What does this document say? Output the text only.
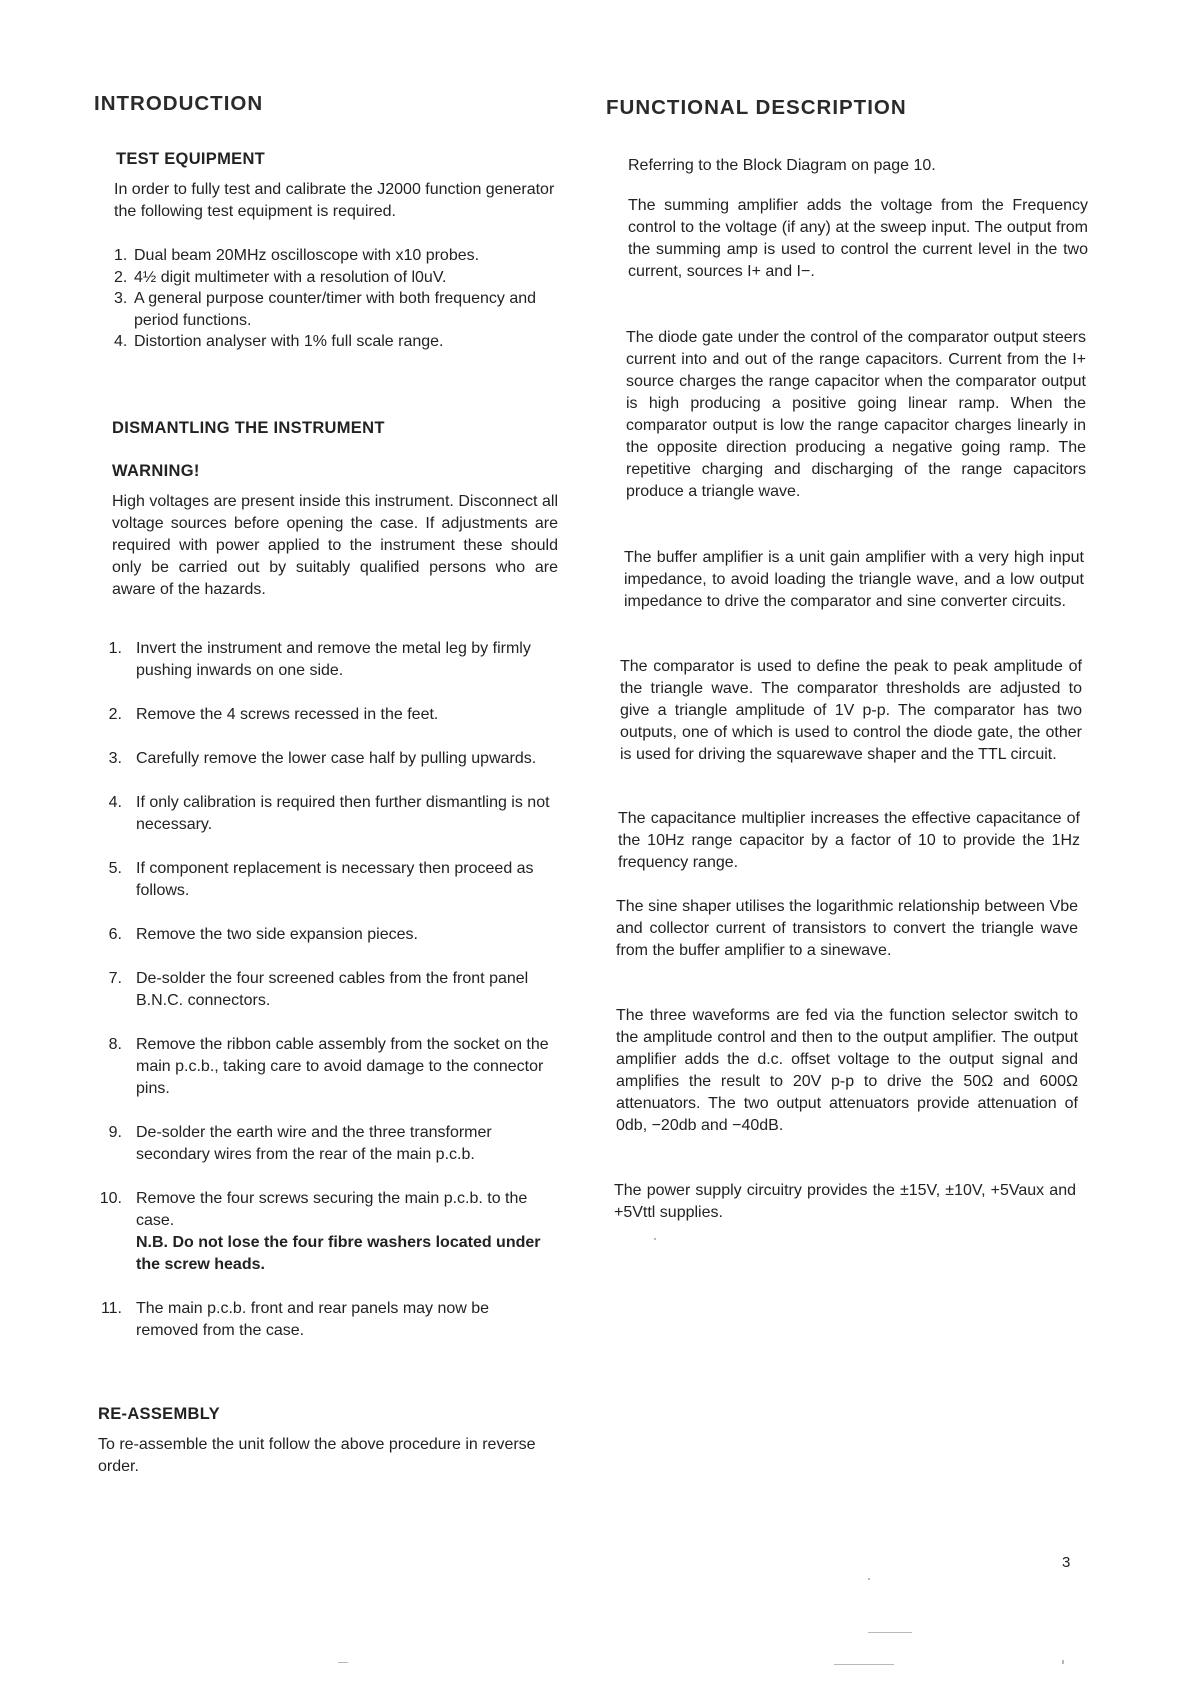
INTRODUCTION
TEST EQUIPMENT

In order to fully test and calibrate the J2000 function generator the following test equipment is required.

1. Dual beam 20MHz oscilloscope with x10 probes.
2. 4½ digit multimeter with a resolution of l0uV.
3. A general purpose counter/timer with both frequency and period functions.
4. Distortion analyser with 1% full scale range.
DISMANTLING THE INSTRUMENT
WARNING!

High voltages are present inside this instrument. Disconnect all voltage sources before opening the case. If adjustments are required with power applied to the instrument these should only be carried out by suitably qualified persons who are aware of the hazards.

1. Invert the instrument and remove the metal leg by firmly pushing inwards on one side.
2. Remove the 4 screws recessed in the feet.
3. Carefully remove the lower case half by pulling upwards.
4. If only calibration is required then further dismantling is not necessary.
5. If component replacement is necessary then proceed as follows.
6. Remove the two side expansion pieces.
7. De-solder the four screened cables from the front panel B.N.C. connectors.
8. Remove the ribbon cable assembly from the socket on the main p.c.b., taking care to avoid damage to the connector pins.
9. De-solder the earth wire and the three transformer secondary wires from the rear of the main p.c.b.
10. Remove the four screws securing the main p.c.b. to the case.
N.B. Do not lose the four fibre washers located under the screw heads.
11. The main p.c.b. front and rear panels may now be removed from the case.
RE-ASSEMBLY

To re-assemble the unit follow the above procedure in reverse order.

FUNCTIONAL DESCRIPTION

Referring to the Block Diagram on page 10.

The summing amplifier adds the voltage from the Frequency control to the voltage (if any) at the sweep input. The output from the summing amp is used to control the current level in the two current, sources I+ and I−.

The diode gate under the control of the comparator output steers current into and out of the range capacitors. Current from the I+ source charges the range capacitor when the comparator output is high producing a positive going linear ramp. When the comparator output is low the range capacitor charges linearly in the opposite direction producing a negative going ramp. The repetitive charging and discharging of the range capacitors produce a triangle wave.

The buffer amplifier is a unit gain amplifier with a very high input impedance, to avoid loading the triangle wave, and a low output impedance to drive the comparator and sine converter circuits.

The comparator is used to define the peak to peak amplitude of the triangle wave. The comparator thresholds are adjusted to give a triangle amplitude of 1V p-p. The comparator has two outputs, one of which is used to control the diode gate, the other is used for driving the squarewave shaper and the TTL circuit.

The capacitance multiplier increases the effective capacitance of the 10Hz range capacitor by a factor of 10 to provide the 1Hz frequency range.

The sine shaper utilises the logarithmic relationship between Vbe and collector current of transistors to convert the triangle wave from the buffer amplifier to a sinewave.

The three waveforms are fed via the function selector switch to the amplitude control and then to the output amplifier. The output amplifier adds the d.c. offset voltage to the output signal and amplifies the result to 20V p-p to drive the 50Ω and 600Ω attenuators. The two output attenuators provide attenuation of 0db, −20db and −40dB.

The power supply circuitry provides the ±15V, ±10V, +5Vaux and +5Vttl supplies.

3
